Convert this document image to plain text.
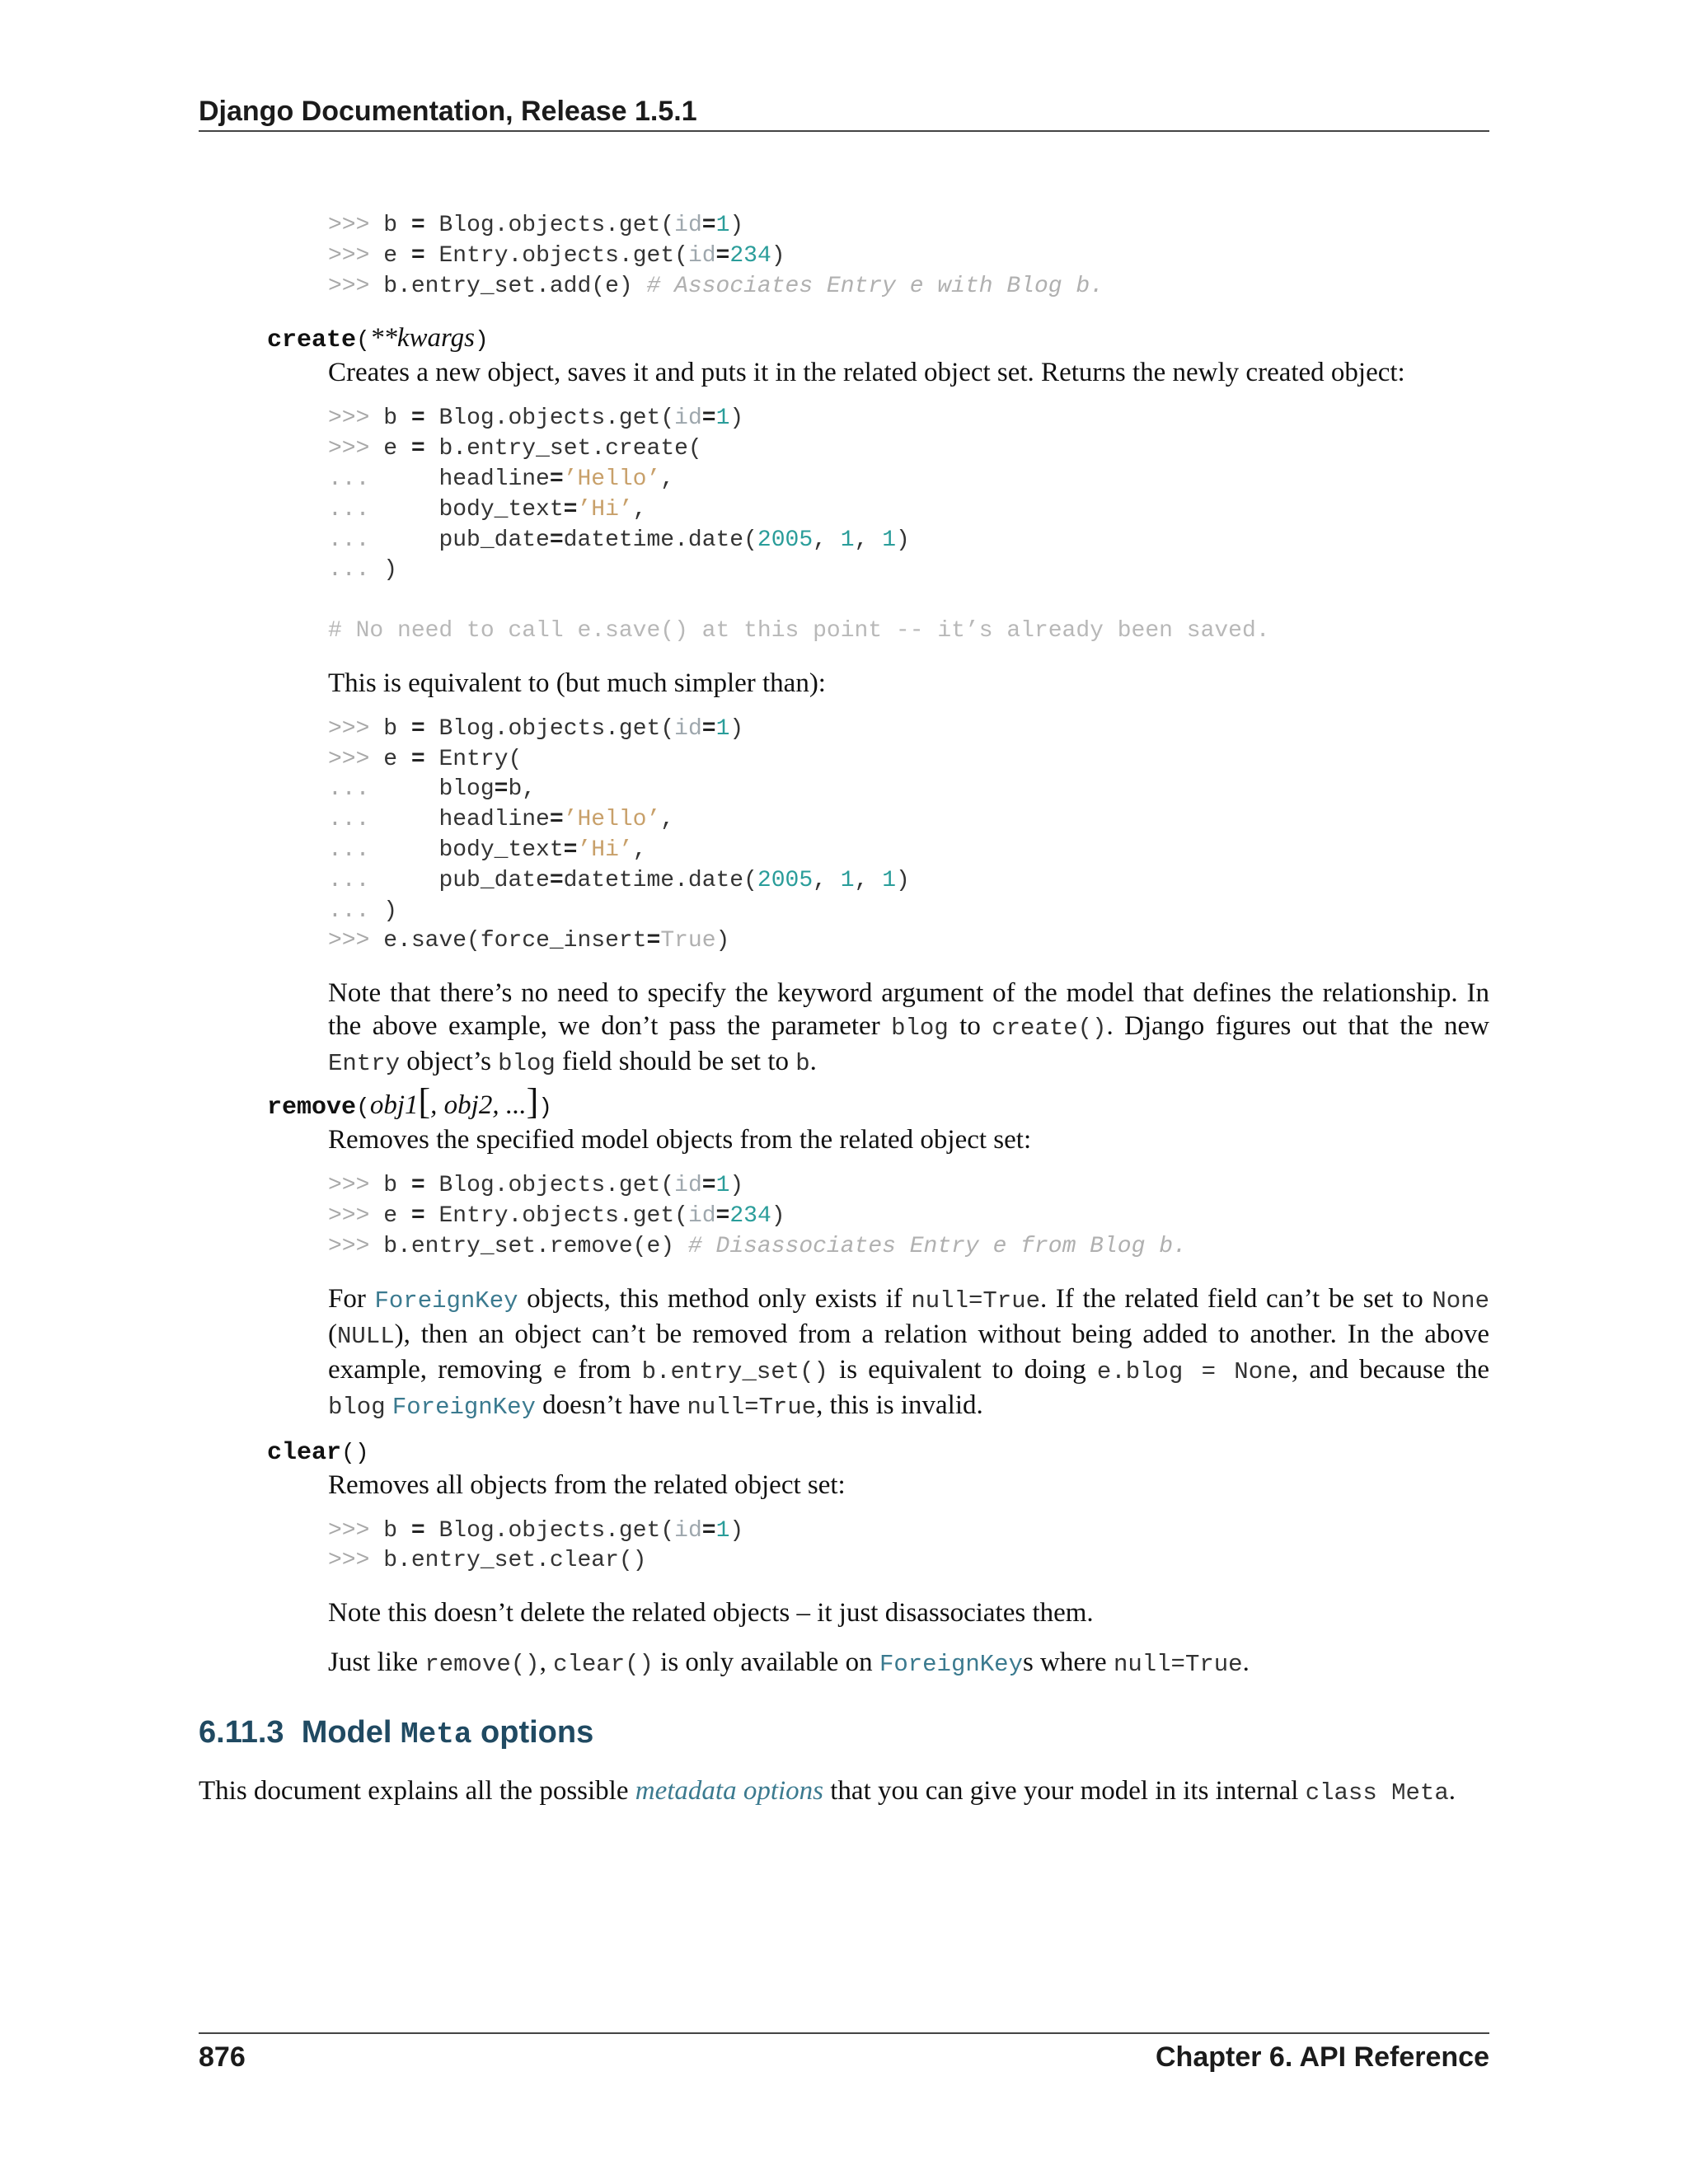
Django Documentation, Release 1.5.1
>>> b = Blog.objects.get(id=1)
>>> e = Entry.objects.get(id=234)
>>> b.entry_set.add(e) # Associates Entry e with Blog b.
create(**kwargs)
Creates a new object, saves it and puts it in the related object set. Returns the newly created object:
>>> b = Blog.objects.get(id=1)
>>> e = b.entry_set.create(
...	headline=’Hello’,
...	body_text=’Hi’,
...	pub_date=datetime.date(2005, 1, 1)
... )

# No need to call e.save() at this point -- it’s already been saved.
This is equivalent to (but much simpler than):
>>> b = Blog.objects.get(id=1)
>>> e = Entry(
...	blog=b,
...	headline=’Hello’,
...	body_text=’Hi’,
...	pub_date=datetime.date(2005, 1, 1)
... )
>>> e.save(force_insert=True)
Note that there’s no need to specify the keyword argument of the model that defines the relationship. In the above example, we don’t pass the parameter blog to create(). Django figures out that the new Entry object’s blog field should be set to b.
remove(obj1[, obj2, ...])
Removes the specified model objects from the related object set:
>>> b = Blog.objects.get(id=1)
>>> e = Entry.objects.get(id=234)
>>> b.entry_set.remove(e) # Disassociates Entry e from Blog b.
For ForeignKey objects, this method only exists if null=True. If the related field can’t be set to None (NULL), then an object can’t be removed from a relation without being added to another. In the above example, removing e from b.entry_set() is equivalent to doing e.blog = None, and because the blog ForeignKey doesn’t have null=True, this is invalid.
clear()
Removes all objects from the related object set:
>>> b = Blog.objects.get(id=1)
>>> b.entry_set.clear()
Note this doesn’t delete the related objects – it just disassociates them.
Just like remove(), clear() is only available on ForeignKeys where null=True.
6.11.3 Model Meta options
This document explains all the possible metadata options that you can give your model in its internal class Meta.
876	Chapter 6. API Reference
